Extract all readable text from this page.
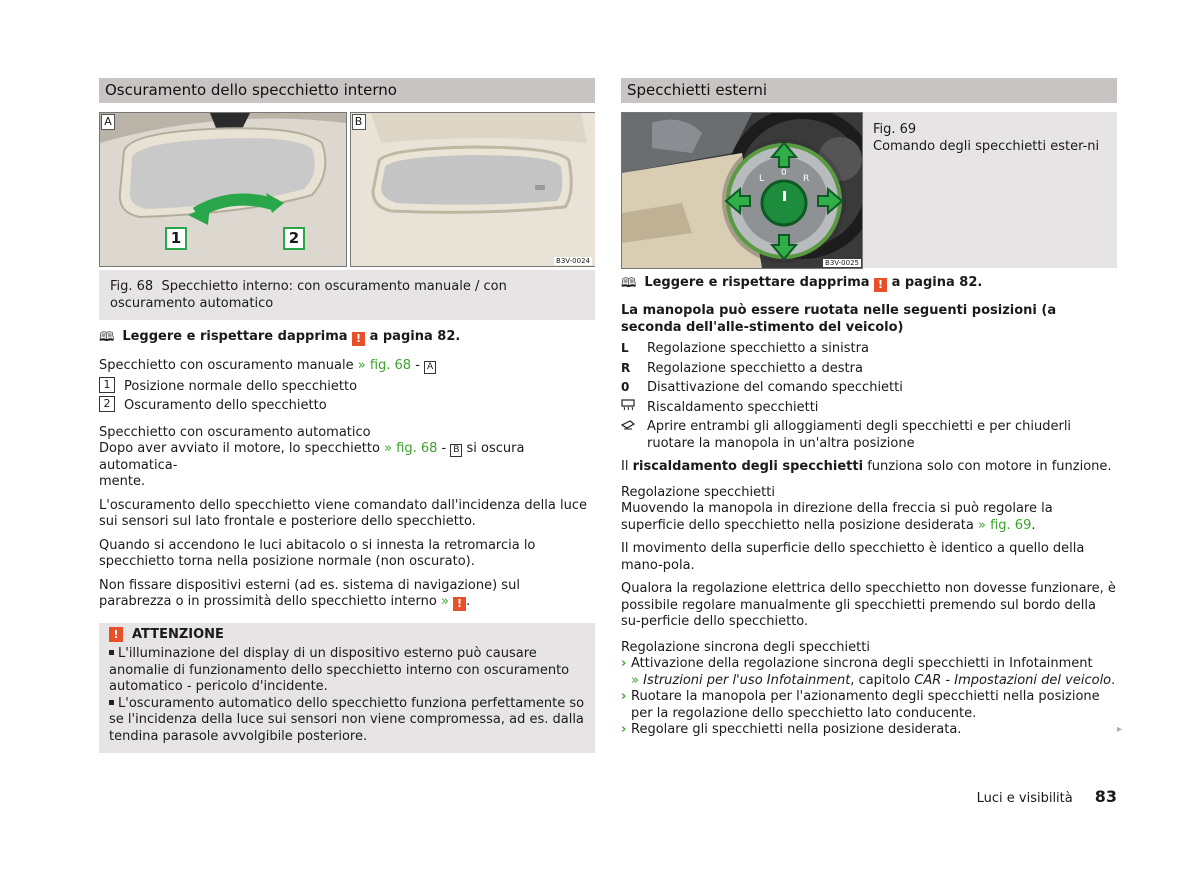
Oscuramento dello specchietto interno
A
1	2
B
B3V-0024
Fig. 68 Specchietto interno: con oscuramento manuale / con oscuramento automatico
🕮 Leggere e rispettare dapprima ! a pagina 82.

Specchietto con oscuramento manuale » fig. 68 - A

1	Posizione normale dello specchietto
2	Oscuramento dello specchietto

Specchietto con oscuramento automatico

Dopo aver avviato il motore, lo specchietto » fig. 68 - B si oscura automatica-
mente.

L'oscuramento dello specchietto viene comandato dall'incidenza della luce sui sensori sul lato frontale e posteriore dello specchietto.

Quando si accendono le luci abitacolo o si innesta la retromarcia lo specchietto torna nella posizione normale (non oscurato).

Non fissare dispositivi esterni (ad es. sistema di navigazione) sul parabrezza o in prossimità dello specchietto interno » ! .

!	ATTENZIONE

L'illuminazione del display di un dispositivo esterno può causare anomalie di funzionamento dello specchietto interno con oscuramento automatico - pericolo d'incidente.

L'oscuramento automatico dello specchietto funziona perfettamente so se l'incidenza della luce sui sensori non viene compromessa, ad es. dalla tendina parasole avvolgibile posteriore.

Specchietti esterni
L
0
R
B3V-0025
Fig. 69
Comando degli specchietti ester-ni
🕮 Leggere e rispettare dapprima ! a pagina 82.

La manopola può essere ruotata nelle seguenti posizioni (a seconda dell'alle-stimento del veicolo)

L	Regolazione specchietto a sinistra
R	Regolazione specchietto a destra
0	Disattivazione del comando specchietti
Riscaldamento specchietti
Aprire entrambi gli alloggiamenti degli specchietti e per chiuderli ruotare la manopola in un'altra posizione

Il riscaldamento degli specchietti funziona solo con motore in funzione.

Regolazione specchietti

Muovendo la manopola in direzione della freccia si può regolare la superficie dello specchietto nella posizione desiderata » fig. 69.

Il movimento della superficie dello specchietto è identico a quello della mano-pola.

Qualora la regolazione elettrica dello specchietto non dovesse funzionare, è possibile regolare manualmente gli specchietti premendo sul bordo della su-perficie dello specchietto.

Regolazione sincrona degli specchietti

› Attivazione della regolazione sincrona degli specchietti in Infotainment
» Istruzioni per l'uso Infotainment, capitolo CAR - Impostazioni del veicolo.
› Ruotare la manopola per l'azionamento degli specchietti nella posizione per la regolazione dello specchietto lato conducente.
› Regolare gli specchietti nella posizione desiderata.	▸
Luci e visibilità 83
